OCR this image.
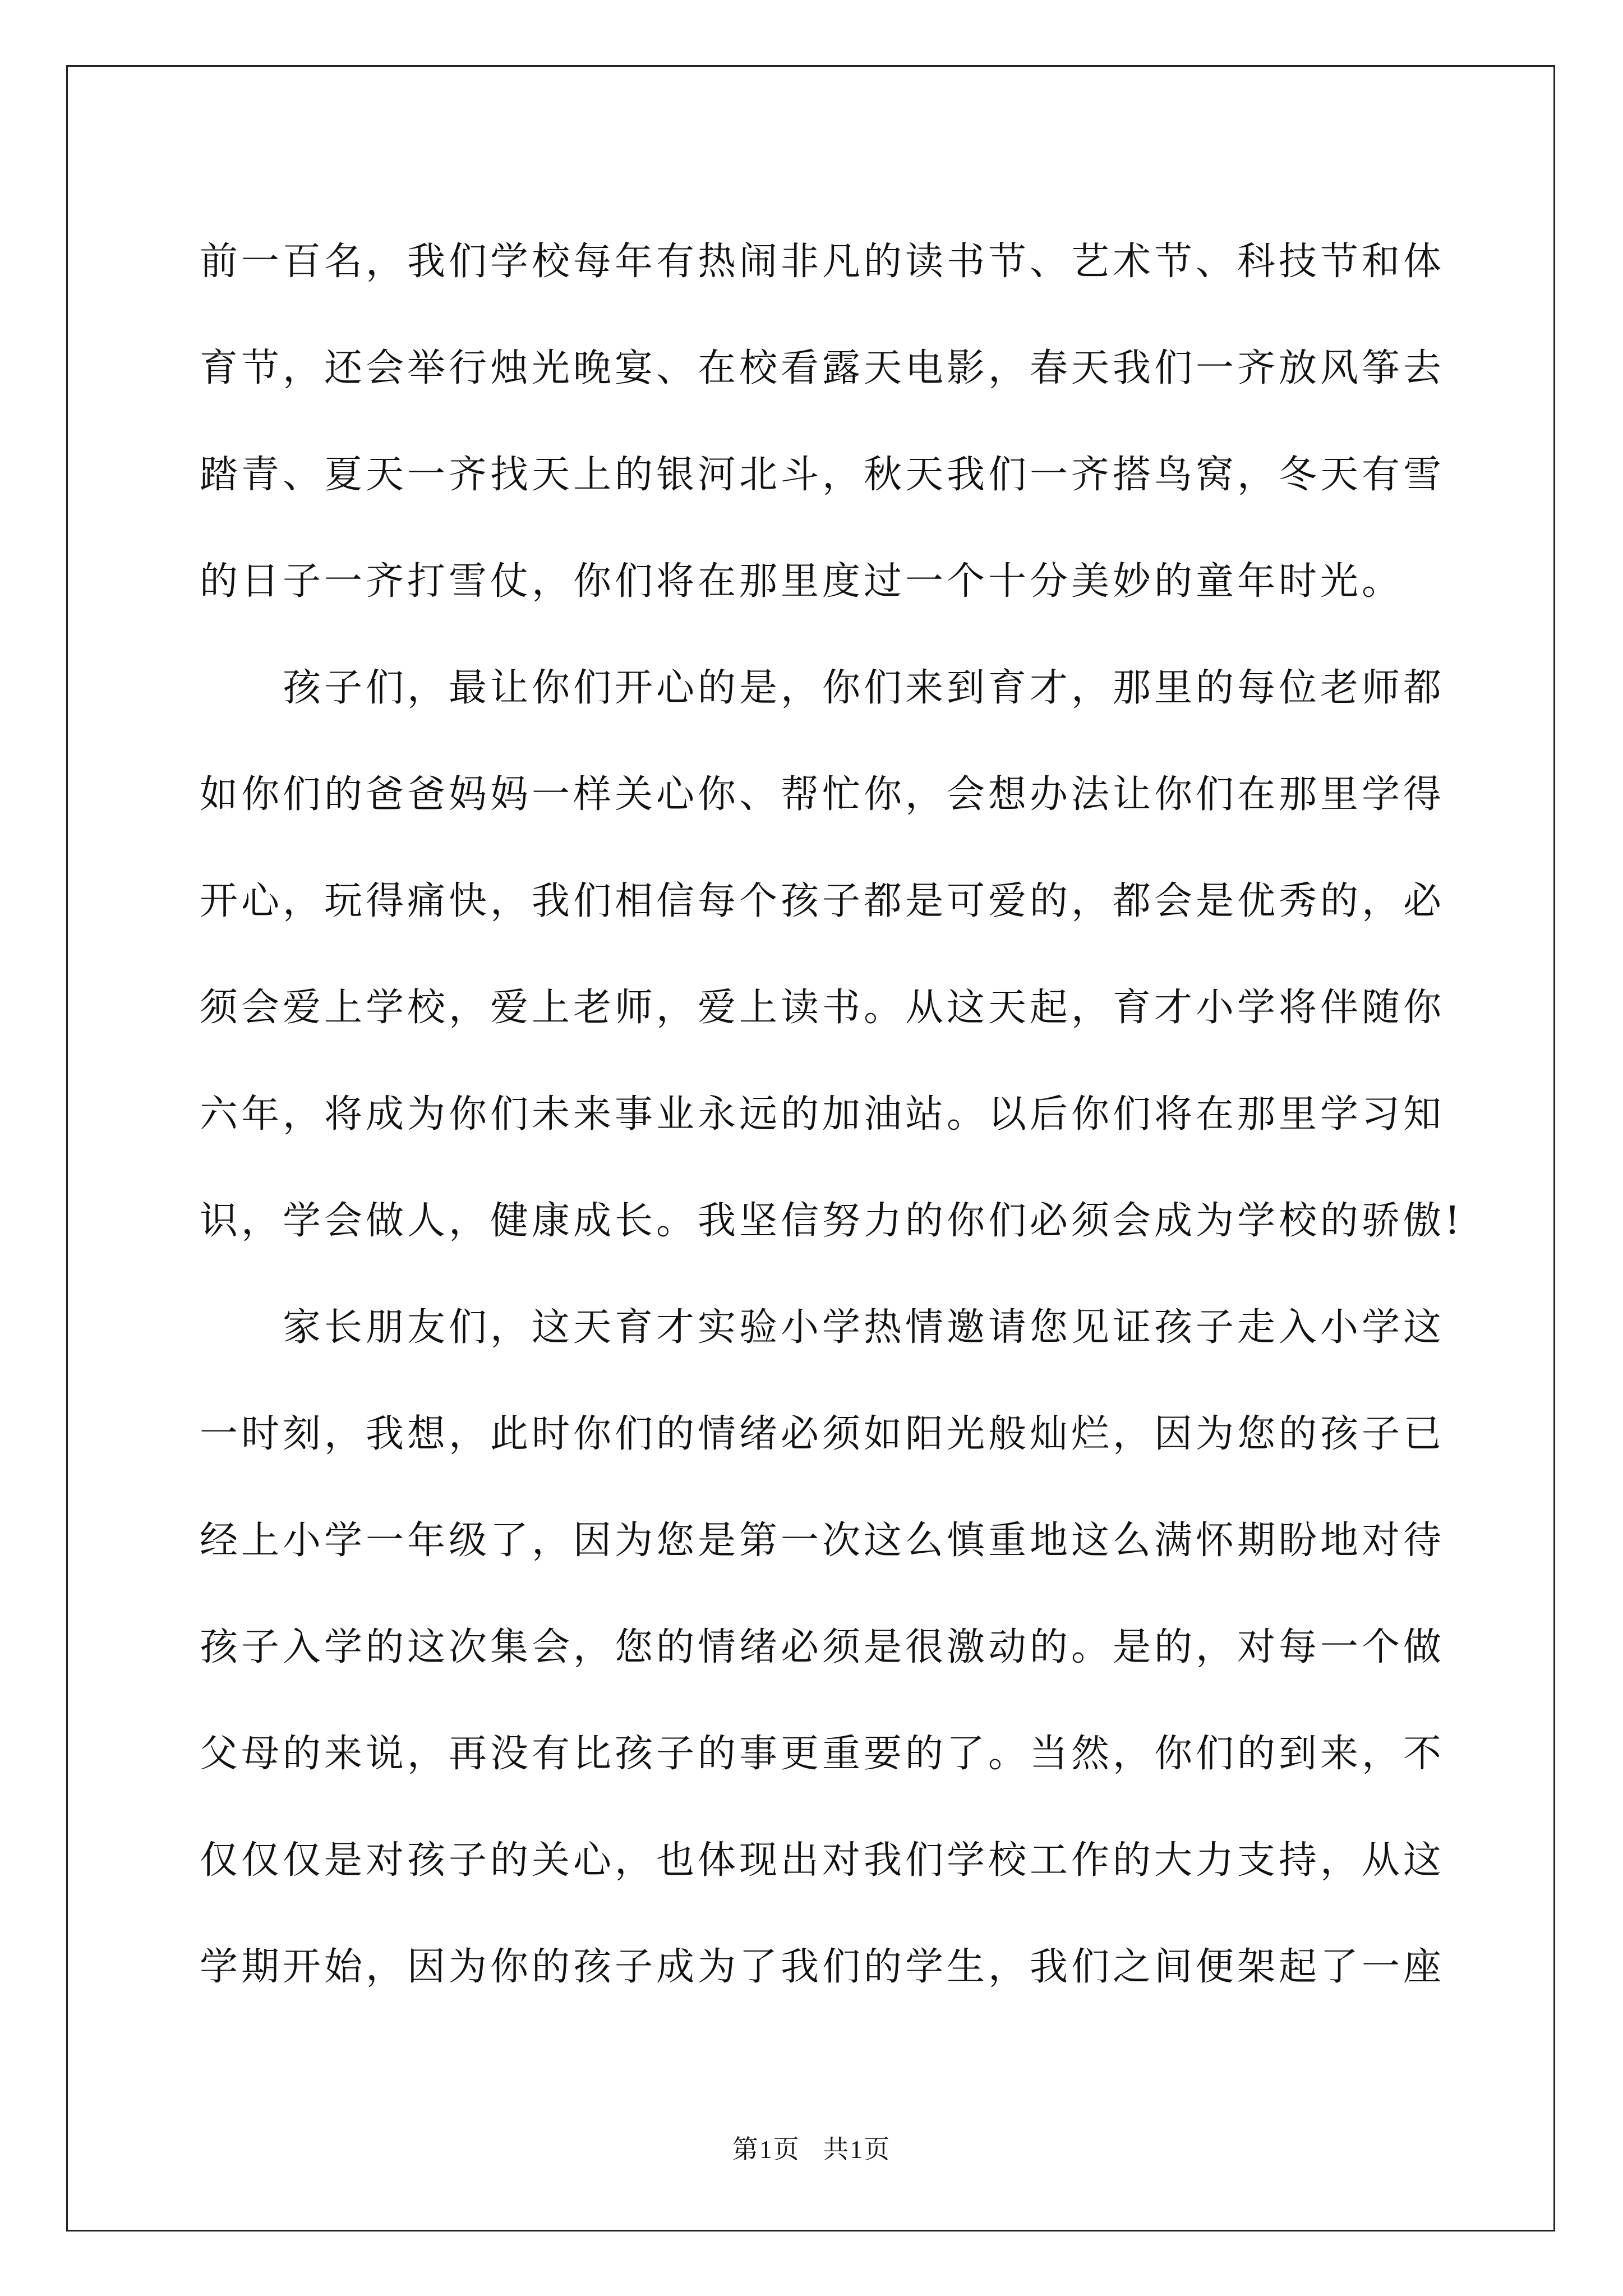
前一百名，我们学校每年有热闹非凡的读书节、艺术节、科技节和体
育节，还会举行烛光晚宴、在校看露天电影，春天我们一齐放风筝去
踏青、夏天一齐找天上的银河北斗，秋天我们一齐搭鸟窝，冬天有雪
的日子一齐打雪仗，你们将在那里度过一个十分美妙的童年时光。
孩子们，最让你们开心的是，你们来到育才，那里的每位老师都
如你们的爸爸妈妈一样关心你、帮忙你，会想办法让你们在那里学得
开心，玩得痛快，我们相信每个孩子都是可爱的，都会是优秀的，必
须会爱上学校，爱上老师，爱上读书。从这天起，育才小学将伴随你
六年，将成为你们未来事业永远的加油站。以后你们将在那里学习知
识，学会做人，健康成长。我坚信努力的你们必须会成为学校的骄傲!
家长朋友们，这天育才实验小学热情邀请您见证孩子走入小学这
一时刻，我想，此时你们的情绪必须如阳光般灿烂，因为您的孩子已
经上小学一年级了，因为您是第一次这么慎重地这么满怀期盼地对待
孩子入学的这次集会，您的情绪必须是很激动的。是的，对每一个做
父母的来说，再没有比孩子的事更重要的了。当然，你们的到来，不
仅仅仅是对孩子的关心，也体现出对我们学校工作的大力支持，从这
学期开始，因为你的孩子成为了我们的学生，我们之间便架起了一座
第1页 共1页
